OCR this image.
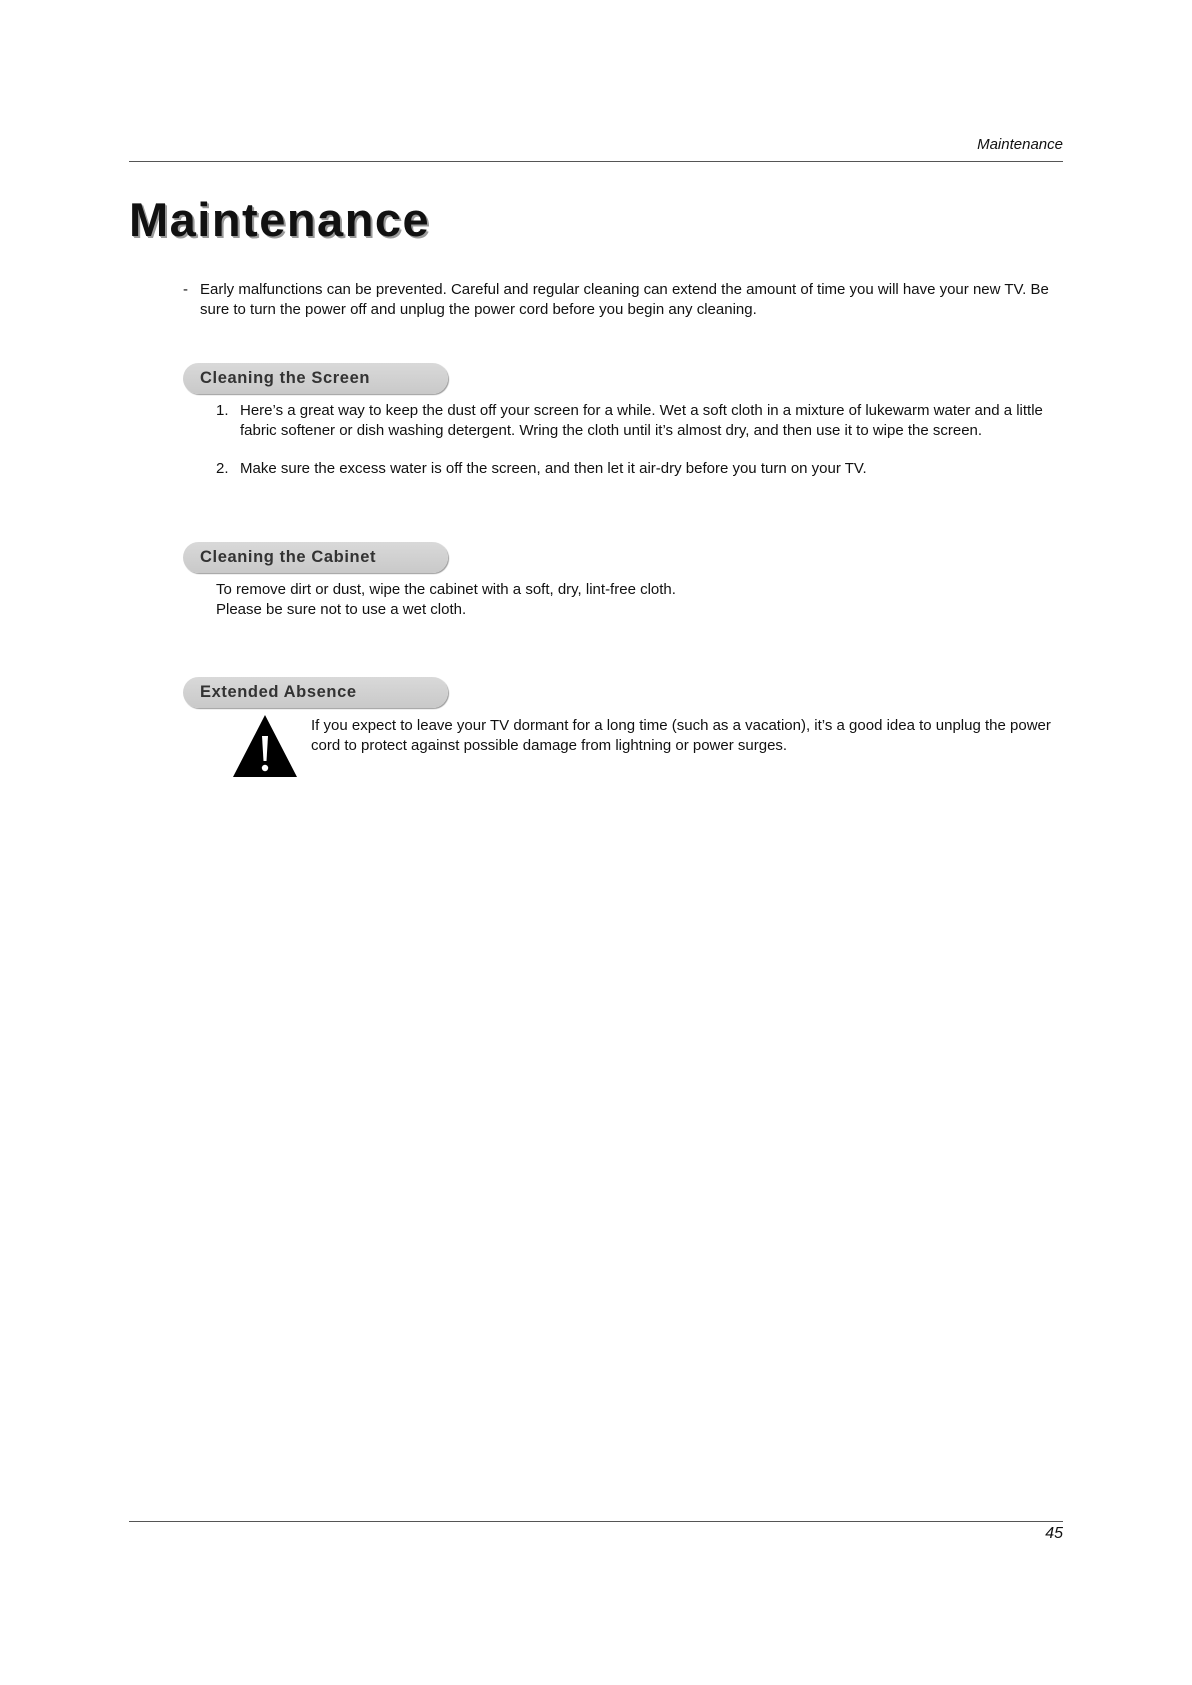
Maintenance
Maintenance
- Early malfunctions can be prevented. Careful and regular cleaning can extend the amount of time you will have your new TV. Be sure to turn the power off and unplug the power cord before you begin any cleaning.
Cleaning the Screen
1. Here’s a great way to keep the dust off your screen for a while. Wet a soft cloth in a mixture of lukewarm water and a little fabric softener or dish washing detergent. Wring the cloth until it’s almost dry, and then use it to wipe the screen.
2. Make sure the excess water is off the screen, and then let it air-dry before you turn on your TV.
Cleaning the Cabinet

To remove dirt or dust, wipe the cabinet with a soft, dry, lint-free cloth.

Please be sure not to use a wet cloth.

Extended Absence
If you expect to leave your TV dormant for a long time (such as a vacation), it’s a good idea to unplug the power cord to protect against possible damage from lightning or power surges.
45
